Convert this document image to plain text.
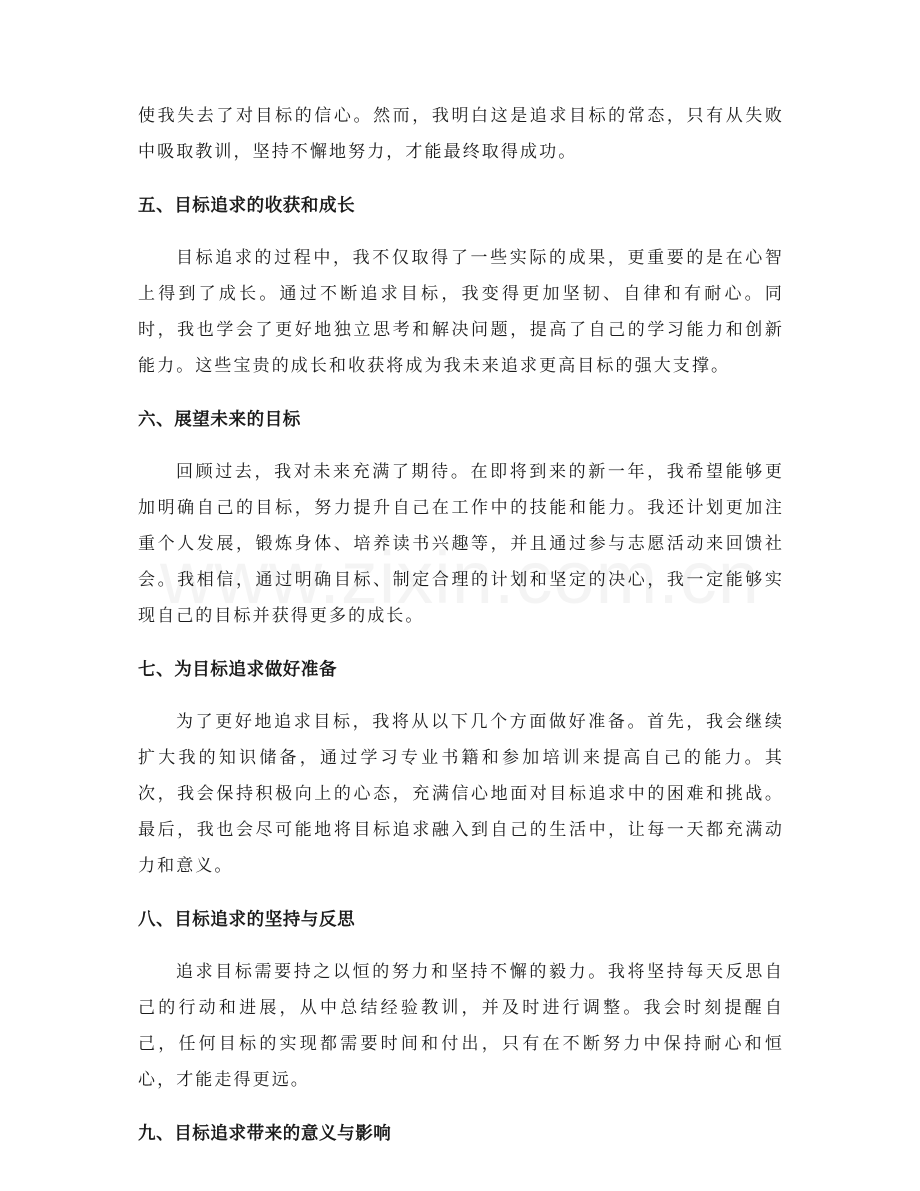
使我失去了对目标的信心。然而，我明白这是追求目标的常态，只有从失败中吸取教训，坚持不懈地努力，才能最终取得成功。

五、目标追求的收获和成长

目标追求的过程中，我不仅取得了一些实际的成果，更重要的是在心智上得到了成长。通过不断追求目标，我变得更加坚韧、自律和有耐心。同时，我也学会了更好地独立思考和解决问题，提高了自己的学习能力和创新能力。这些宝贵的成长和收获将成为我未来追求更高目标的强大支撑。

六、展望未来的目标

回顾过去，我对未来充满了期待。在即将到来的新一年，我希望能够更加明确自己的目标，努力提升自己在工作中的技能和能力。我还计划更加注重个人发展，锻炼身体、培养读书兴趣等，并且通过参与志愿活动来回馈社会。我相信，通过明确目标、制定合理的计划和坚定的决心，我一定能够实现自己的目标并获得更多的成长。

七、为目标追求做好准备

为了更好地追求目标，我将从以下几个方面做好准备。首先，我会继续扩大我的知识储备，通过学习专业书籍和参加培训来提高自己的能力。其次，我会保持积极向上的心态，充满信心地面对目标追求中的困难和挑战。最后，我也会尽可能地将目标追求融入到自己的生活中，让每一天都充满动力和意义。

八、目标追求的坚持与反思

追求目标需要持之以恒的努力和坚持不懈的毅力。我将坚持每天反思自己的行动和进展，从中总结经验教训，并及时进行调整。我会时刻提醒自己，任何目标的实现都需要时间和付出，只有在不断努力中保持耐心和恒心，才能走得更远。

九、目标追求带来的意义与影响
